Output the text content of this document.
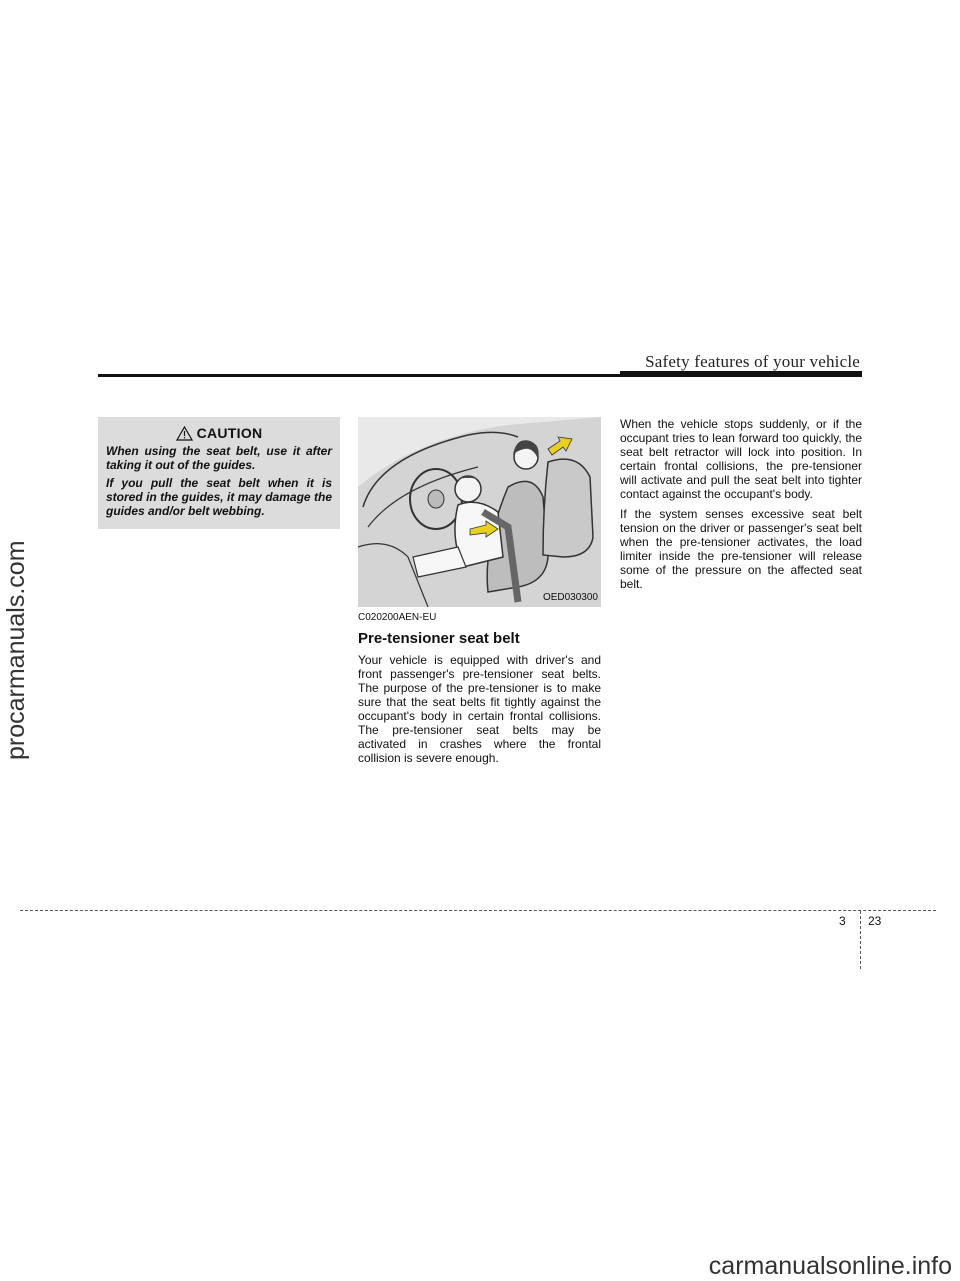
Safety features of your vehicle
procarmanuals.com
CAUTION

When using the seat belt, use it after taking it out of the guides.

If you pull the seat belt when it is stored in the guides, it may damage the guides and/or belt webbing.

OED030300

C020200AEN-EU

Pre-tensioner seat belt

Your vehicle is equipped with driver's and front passenger's pre-tensioner seat belts. The purpose of the pre-tensioner is to make sure that the seat belts fit tightly against the occupant's body in certain frontal collisions. The pre-tensioner seat belts may be activated in crashes where the frontal collision is severe enough.

When the vehicle stops suddenly, or if the occupant tries to lean forward too quickly, the seat belt retractor will lock into position. In certain frontal collisions, the pre-tensioner will activate and pull the seat belt into tighter contact against the occupant's body.

If the system senses excessive seat belt tension on the driver or passenger's seat belt when the pre-tensioner activates, the load limiter inside the pre-tensioner will release some of the pressure on the affected seat belt.

3 23
carmanualsonline.info
